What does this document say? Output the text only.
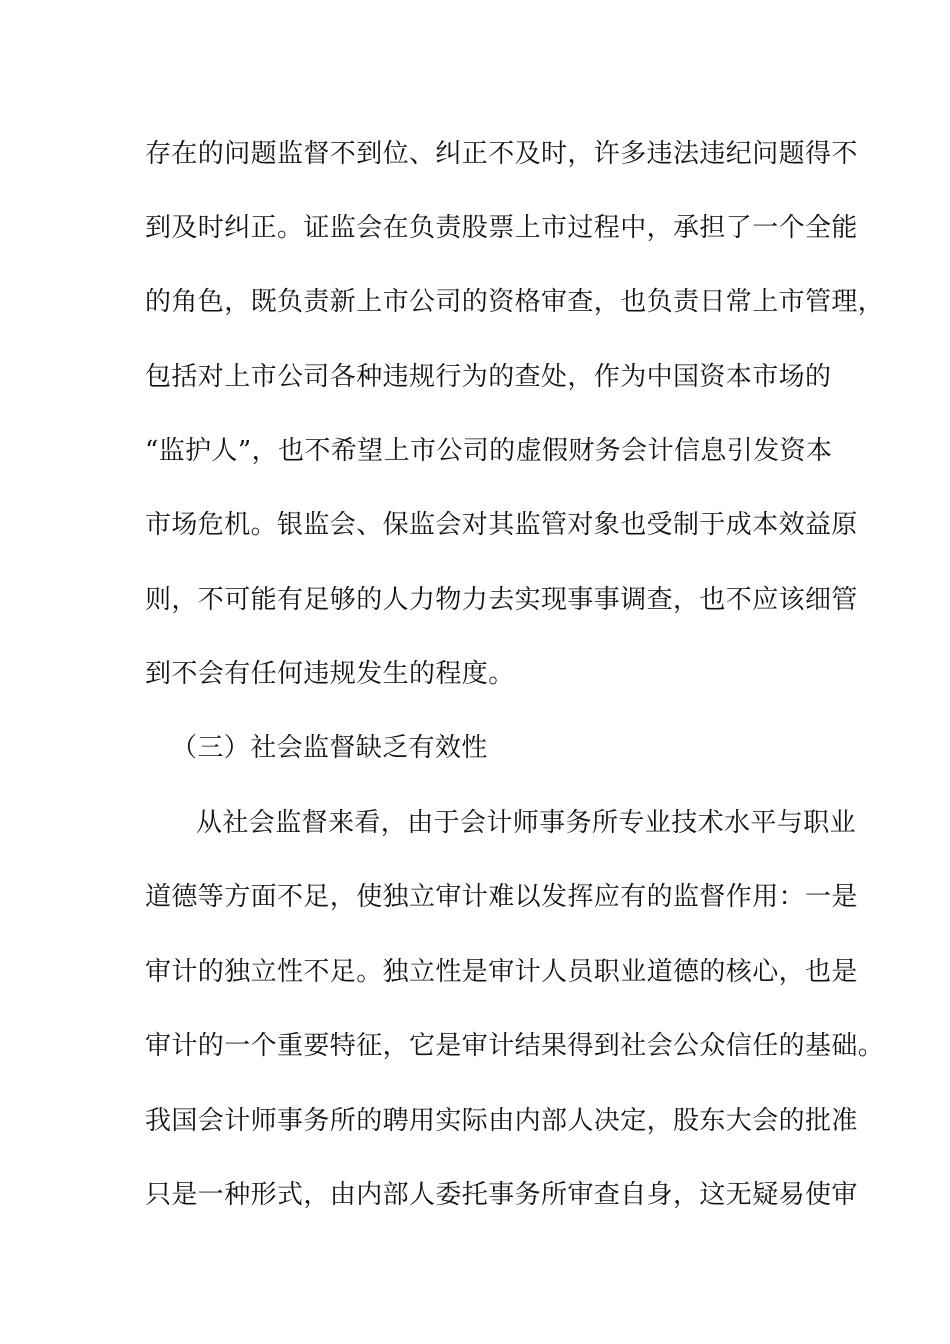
存在的问题监督不到位、纠正不及时，许多违法违纪问题得不
到及时纠正。证监会在负责股票上市过程中，承担了一个全能
的角色，既负责新上市公司的资格审查，也负责日常上市管理，
包括对上市公司各种违规行为的查处，作为中国资本市场的
“监护人”，也不希望上市公司的虚假财务会计信息引发资本
市场危机。银监会、保监会对其监管对象也受制于成本效益原
则，不可能有足够的人力物力去实现事事调查，也不应该细管
到不会有任何违规发生的程度。
（三）社会监督缺乏有效性
从社会监督来看，由于会计师事务所专业技术水平与职业
道德等方面不足，使独立审计难以发挥应有的监督作用：一是
审计的独立性不足。独立性是审计人员职业道德的核心，也是
审计的一个重要特征，它是审计结果得到社会公众信任的基础。
我国会计师事务所的聘用实际由内部人决定，股东大会的批准
只是一种形式，由内部人委托事务所审查自身，这无疑易使审
